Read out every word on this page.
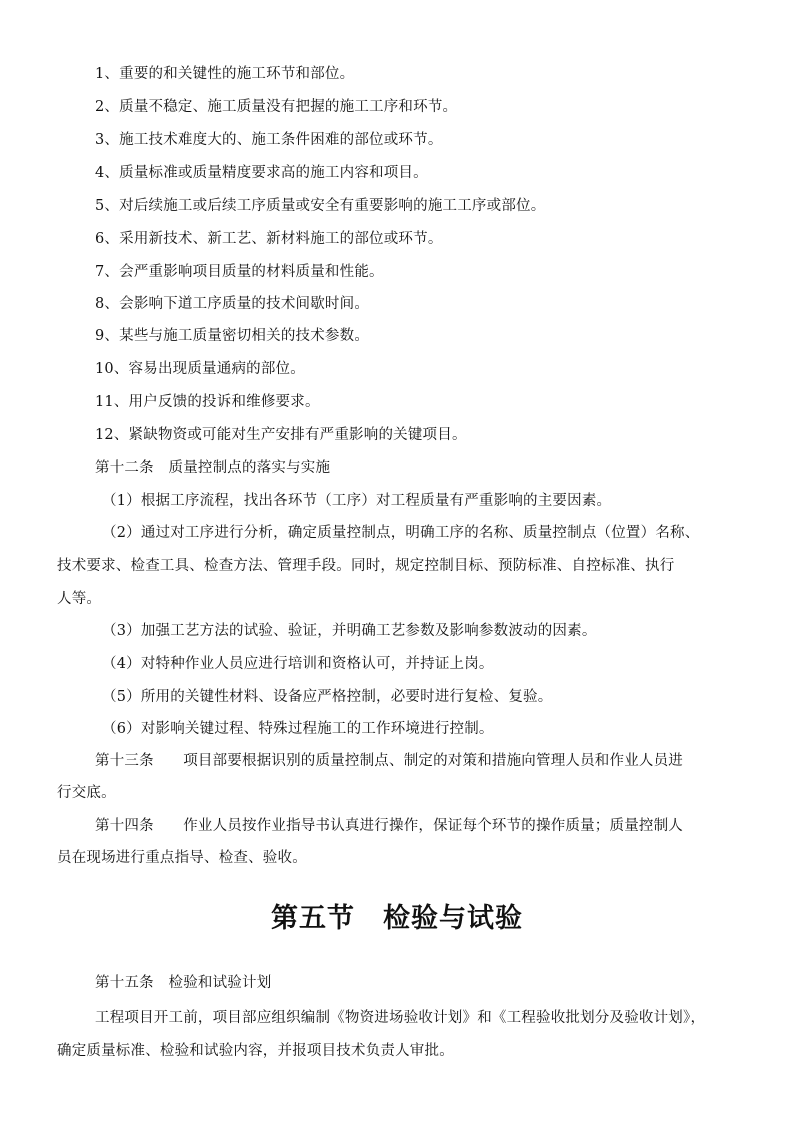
1、重要的和关键性的施工环节和部位。
2、质量不稳定、施工质量没有把握的施工工序和环节。
3、施工技术难度大的、施工条件困难的部位或环节。
4、质量标准或质量精度要求高的施工内容和项目。
5、对后续施工或后续工序质量或安全有重要影响的施工工序或部位。
6、采用新技术、新工艺、新材料施工的部位或环节。
7、会严重影响项目质量的材料质量和性能。
8、会影响下道工序质量的技术间歇时间。
9、某些与施工质量密切相关的技术参数。
10、容易出现质量通病的部位。
11、用户反馈的投诉和维修要求。
12、紧缺物资或可能对生产安排有严重影响的关键项目。
第十二条　质量控制点的落实与实施
（1）根据工序流程，找出各环节（工序）对工程质量有严重影响的主要因素。
（2）通过对工序进行分析，确定质量控制点，明确工序的名称、质量控制点（位置）名称、
技术要求、检查工具、检查方法、管理手段。同时，规定控制目标、预防标准、自控标准、执行
人等。
（3）加强工艺方法的试验、验证，并明确工艺参数及影响参数波动的因素。
（4）对特种作业人员应进行培训和资格认可，并持证上岗。
（5）所用的关键性材料、设备应严格控制，必要时进行复检、复验。
（6）对影响关键过程、特殊过程施工的工作环境进行控制。
第十三条　　项目部要根据识别的质量控制点、制定的对策和措施向管理人员和作业人员进
行交底。
第十四条　　作业人员按作业指导书认真进行操作，保证每个环节的操作质量；质量控制人
员在现场进行重点指导、检查、验收。
第五节　检验与试验
第十五条　检验和试验计划
工程项目开工前，项目部应组织编制《物资进场验收计划》和《工程验收批划分及验收计划》，
确定质量标准、检验和试验内容，并报项目技术负责人审批。
